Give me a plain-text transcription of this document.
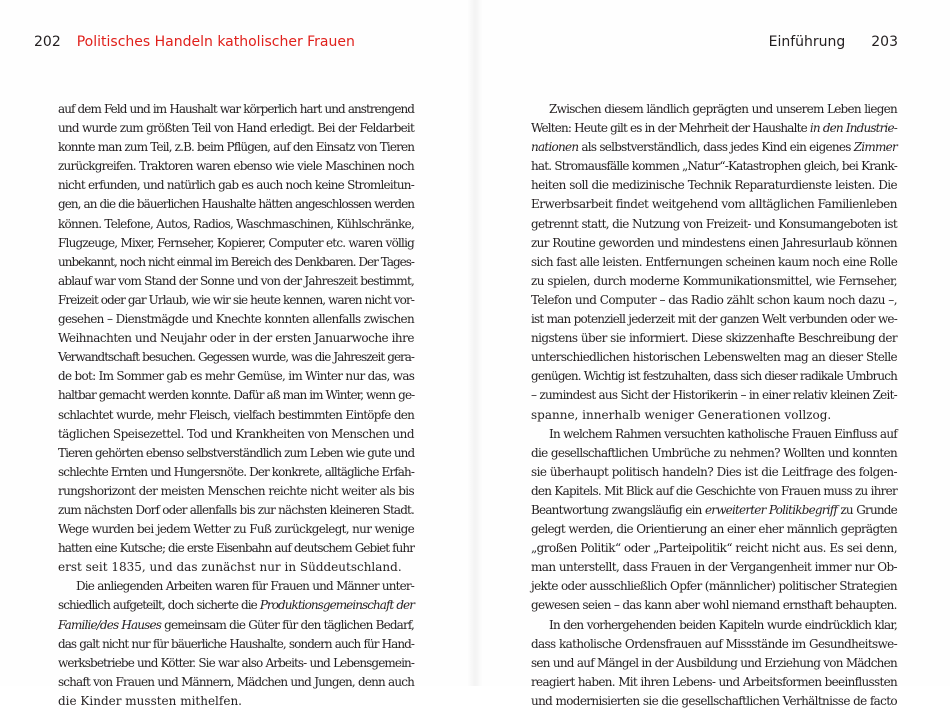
202 Politisches Handeln katholischer Frauen	Einführung 203
auf dem Feld und im Haushalt war körperlich hart und anstrengend
und wurde zum größten Teil von Hand erledigt. Bei der Feldarbeit
konnte man zum Teil, z.B. beim Pflügen, auf den Einsatz von Tieren
zurückgreifen. Traktoren waren ebenso wie viele Maschinen noch
nicht erfunden, und natürlich gab es auch noch keine Stromleitun-
gen, an die die bäuerlichen Haushalte hätten angeschlossen werden
können. Telefone, Autos, Radios, Waschmaschinen, Kühlschränke,
Flugzeuge, Mixer, Fernseher, Kopierer, Computer etc. waren völlig
unbekannt, noch nicht einmal im Bereich des Denkbaren. Der Tages-
ablauf war vom Stand der Sonne und von der Jahreszeit bestimmt,
Freizeit oder gar Urlaub, wie wir sie heute kennen, waren nicht vor-
gesehen – Dienstmägde und Knechte konnten allenfalls zwischen
Weihnachten und Neujahr oder in der ersten Januarwoche ihre
Verwandtschaft besuchen. Gegessen wurde, was die Jahreszeit gera-
de bot: Im Sommer gab es mehr Gemüse, im Winter nur das, was
haltbar gemacht werden konnte. Dafür aß man im Winter, wenn ge-
schlachtet wurde, mehr Fleisch, vielfach bestimmten Eintöpfe den
täglichen Speisezettel. Tod und Krankheiten von Menschen und
Tieren gehörten ebenso selbstverständlich zum Leben wie gute und
schlechte Ernten und Hungersnöte. Der konkrete, alltägliche Erfah-
rungshorizont der meisten Menschen reichte nicht weiter als bis
zum nächsten Dorf oder allenfalls bis zur nächsten kleineren Stadt.
Wege wurden bei jedem Wetter zu Fuß zurückgelegt, nur wenige
hatten eine Kutsche; die erste Eisenbahn auf deutschem Gebiet fuhr
erst seit 1835, und das zunächst nur in Süddeutschland.
Die anliegenden Arbeiten waren für Frauen und Männer unter-
schiedlich aufgeteilt, doch sicherte die Produktionsgemeinschaft der
Familie/des Hauses gemeinsam die Güter für den täglichen Bedarf,
das galt nicht nur für bäuerliche Haushalte, sondern auch für Hand-
werksbetriebe und Kötter. Sie war also Arbeits- und Lebensgemein-
schaft von Frauen und Männern, Mädchen und Jungen, denn auch
die Kinder mussten mithelfen.
Zwischen diesem ländlich geprägten und unserem Leben liegen
Welten: Heute gilt es in der Mehrheit der Haushalte in den Industrie-
nationen als selbstverständlich, dass jedes Kind ein eigenes Zimmer
hat. Stromausfälle kommen „Natur“-Katastrophen gleich, bei Krank-
heiten soll die medizinische Technik Reparaturdienste leisten. Die
Erwerbsarbeit findet weitgehend vom alltäglichen Familienleben
getrennt statt, die Nutzung von Freizeit- und Konsumangeboten ist
zur Routine geworden und mindestens einen Jahresurlaub können
sich fast alle leisten. Entfernungen scheinen kaum noch eine Rolle
zu spielen, durch moderne Kommunikationsmittel, wie Fernseher,
Telefon und Computer – das Radio zählt schon kaum noch dazu –,
ist man potenziell jederzeit mit der ganzen Welt verbunden oder we-
nigstens über sie informiert. Diese skizzenhafte Beschreibung der
unterschiedlichen historischen Lebenswelten mag an dieser Stelle
genügen. Wichtig ist festzuhalten, dass sich dieser radikale Umbruch
– zumindest aus Sicht der Historikerin – in einer relativ kleinen Zeit-
spanne, innerhalb weniger Generationen vollzog.
In welchem Rahmen versuchten katholische Frauen Einfluss auf
die gesellschaftlichen Umbrüche zu nehmen? Wollten und konnten
sie überhaupt politisch handeln? Dies ist die Leitfrage des folgen-
den Kapitels. Mit Blick auf die Geschichte von Frauen muss zu ihrer
Beantwortung zwangsläufig ein erweiterter Politikbegriff zu Grunde
gelegt werden, die Orientierung an einer eher männlich geprägten
„großen Politik“ oder „Parteipolitik“ reicht nicht aus. Es sei denn,
man unterstellt, dass Frauen in der Vergangenheit immer nur Ob-
jekte oder ausschließlich Opfer (männlicher) politischer Strategien
gewesen seien – das kann aber wohl niemand ernsthaft behaupten.
In den vorhergehenden beiden Kapiteln wurde eindrücklich klar,
dass katholische Ordensfrauen auf Missstände im Gesundheitswe-
sen und auf Mängel in der Ausbildung und Erziehung von Mädchen
reagiert haben. Mit ihren Lebens- und Arbeitsformen beeinflussten
und modernisierten sie die gesellschaftlichen Verhältnisse de facto
